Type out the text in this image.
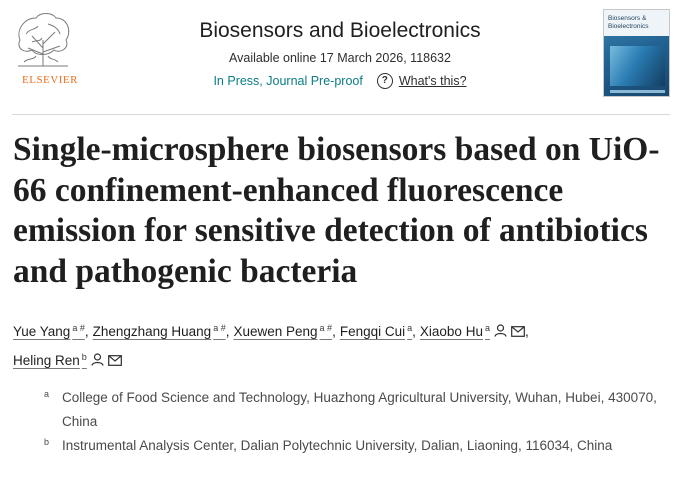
ELSEVIER
Biosensors and Bioelectronics
Available online 17 March 2026, 118632
In Press, Journal Pre-proof	? What's this?
Biosensors & Bioelectronics
Single-microsphere biosensors based on UiO-66 confinement-enhanced fluorescence emission for sensitive detection of antibiotics and pathogenic bacteria
Yue Yang $^{a \#}$, Zhengzhang Huang $^{a \#}$, Xuewen Peng $^{a \#}$, Fengqi Cui $^a$, Xiaobo Hu $^a$	,
Heling Ren $^b$
a College of Food Science and Technology, Huazhong Agricultural University, Wuhan, Hubei, 430070, China
b Instrumental Analysis Center, Dalian Polytechnic University, Dalian, Liaoning, 116034, China
